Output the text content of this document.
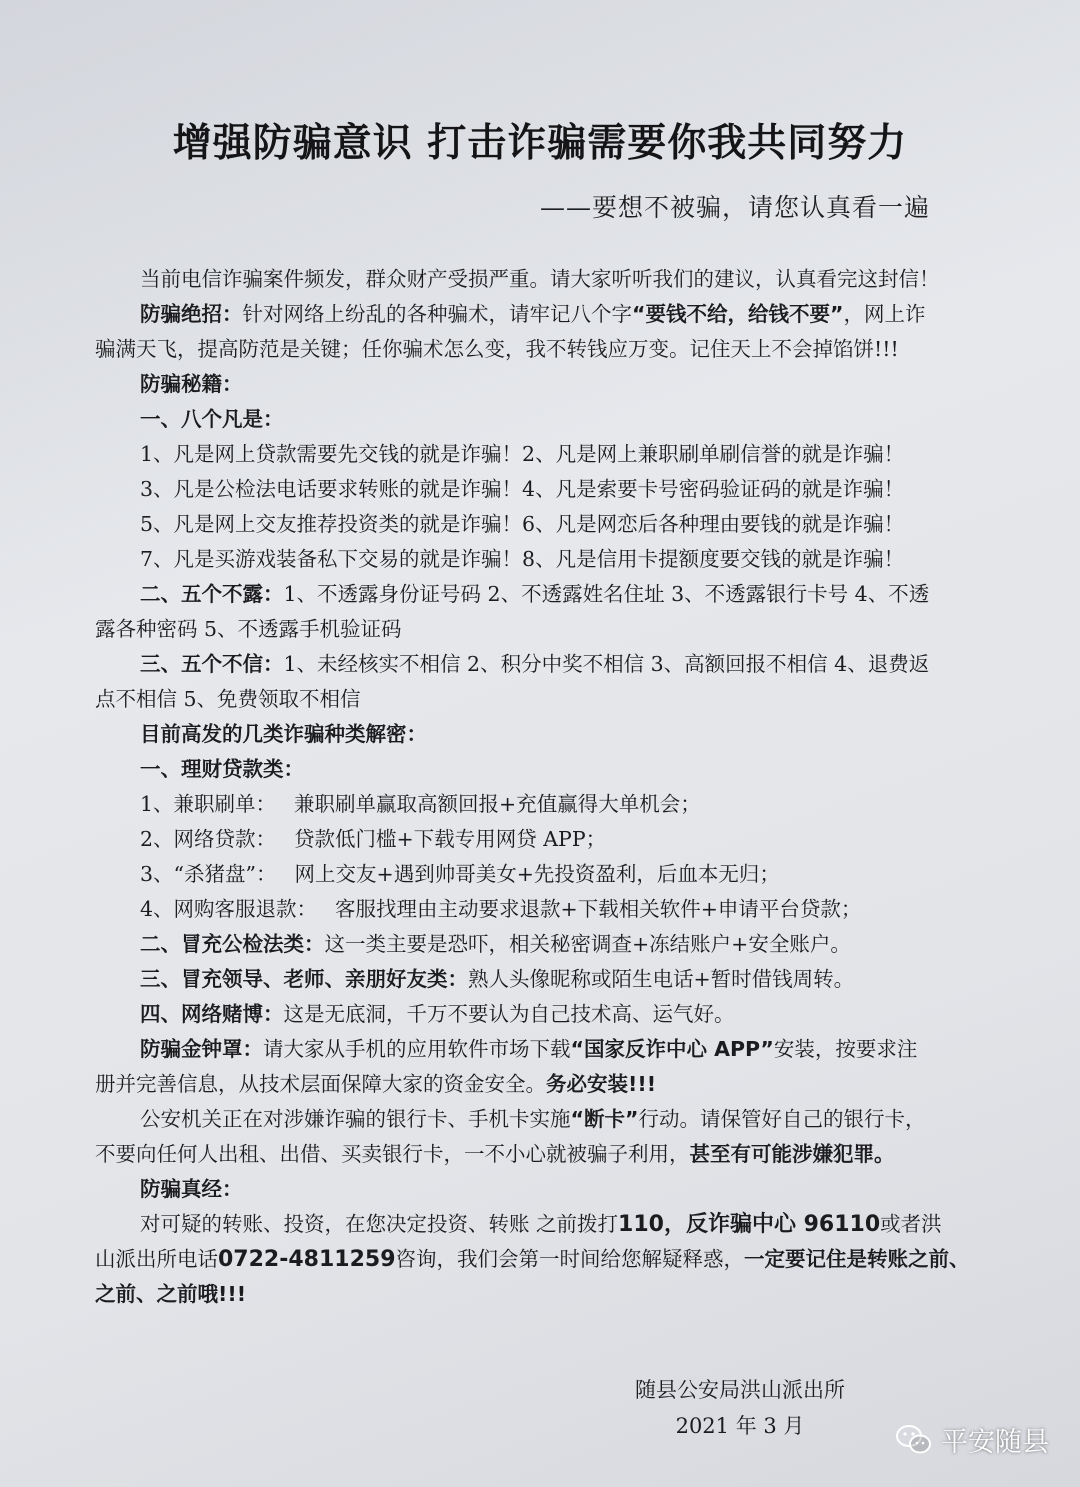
增强防骗意识 打击诈骗需要你我共同努力
——要想不被骗，请您认真看一遍
当前电信诈骗案件频发，群众财产受损严重。请大家听听我们的建议，认真看完这封信！
防骗绝招：针对网络上纷乱的各种骗术，请牢记八个字“要钱不给，给钱不要”，网上诈
骗满天飞，提高防范是关键；任你骗术怎么变，我不转钱应万变。记住天上不会掉馅饼!!!
防骗秘籍：
一、八个凡是：
1、凡是网上贷款需要先交钱的就是诈骗！2、凡是网上兼职刷单刷信誉的就是诈骗！
3、凡是公检法电话要求转账的就是诈骗！4、凡是索要卡号密码验证码的就是诈骗！
5、凡是网上交友推荐投资类的就是诈骗！6、凡是网恋后各种理由要钱的就是诈骗！
7、凡是买游戏装备私下交易的就是诈骗！8、凡是信用卡提额度要交钱的就是诈骗！
二、五个不露：1、不透露身份证号码 2、不透露姓名住址 3、不透露银行卡号 4、不透
露各种密码 5、不透露手机验证码
三、五个不信：1、未经核实不相信 2、积分中奖不相信 3、高额回报不相信 4、退费返
点不相信 5、免费领取不相信
目前高发的几类诈骗种类解密：
一、理财贷款类：
1、兼职刷单： 兼职刷单赢取高额回报+充值赢得大单机会；
2、网络贷款： 贷款低门槛+下载专用网贷 APP；
3、“杀猪盘”： 网上交友+遇到帅哥美女+先投资盈利，后血本无归；
4、网购客服退款： 客服找理由主动要求退款+下载相关软件+申请平台贷款；
二、冒充公检法类：这一类主要是恐吓，相关秘密调查+冻结账户+安全账户。
三、冒充领导、老师、亲朋好友类：熟人头像昵称或陌生电话+暂时借钱周转。
四、网络赌博：这是无底洞，千万不要认为自己技术高、运气好。
防骗金钟罩：请大家从手机的应用软件市场下载“国家反诈中心 APP”安装，按要求注
册并完善信息，从技术层面保障大家的资金安全。务必安装!!!
公安机关正在对涉嫌诈骗的银行卡、手机卡实施“断卡”行动。请保管好自己的银行卡，
不要向任何人出租、出借、买卖银行卡，一不小心就被骗子利用，甚至有可能涉嫌犯罪。
防骗真经：
对可疑的转账、投资，在您决定投资、转账 之前拨打110，反诈骗中心 96110或者洪
山派出所电话0722-4811259咨询，我们会第一时间给您解疑释惑，一定要记住是转账之前、
之前、之前哦!!!
随县公安局洪山派出所
2021 年 3 月
平安随县
